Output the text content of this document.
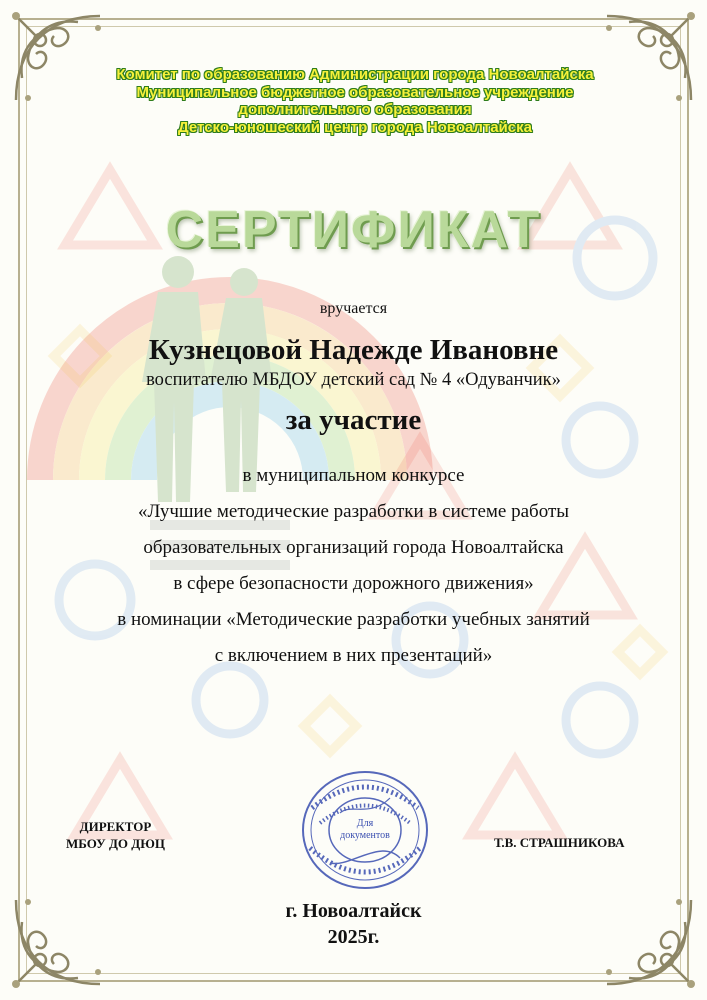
Комитет по образованию Администрации города Новоалтайска
Муниципальное бюджетное образовательное учреждение
дополнительного образования
Детско-юношеский центр города Новоалтайска
СЕРТИФИКАТ
вручается
Кузнецовой Надежде Ивановне
воспитателю МБДОУ детский сад № 4 «Одуванчик»
за участие
в муниципальном конкурсе
«Лучшие методические разработки в системе работы
образовательных организаций города Новоалтайска
в сфере безопасности дорожного движения»
в номинации «Методические разработки учебных занятий
с включением в них презентаций»
ДИРЕКТОР
МБОУ ДО ДЮЦ	Т.В. СТРАШНИКОВА
Для
документов
г. Новоалтайск
2025г.
